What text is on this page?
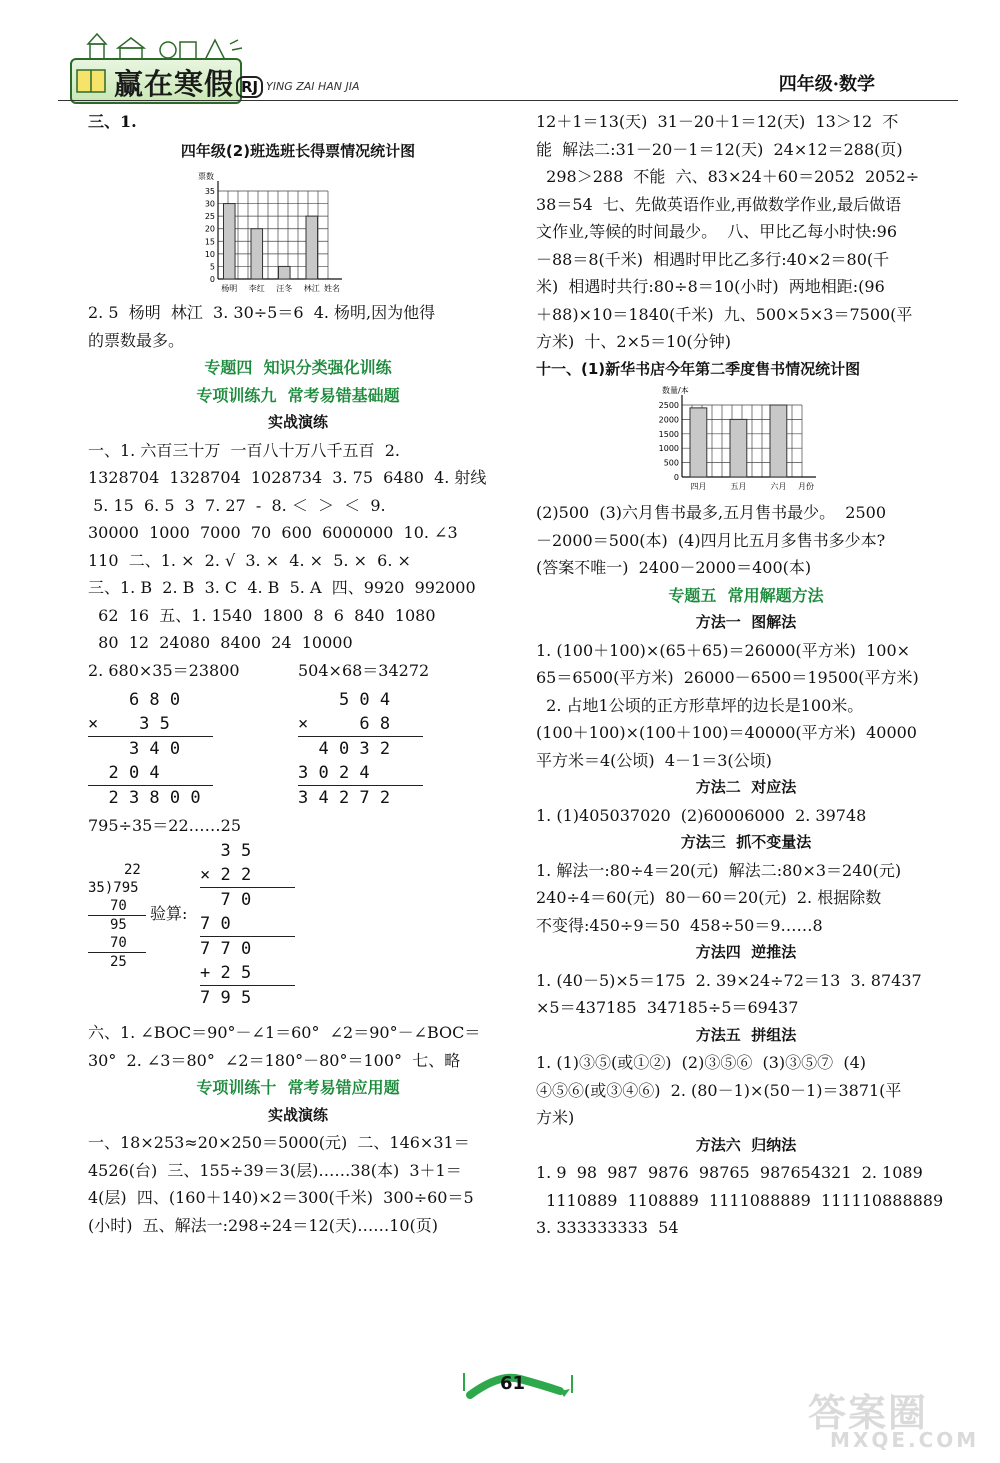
赢在寒假 RJ YING ZAI HAN JIA	四年级·数学
三、1.
四年级(2)班选班长得票情况统计图
35
30
25
20
15
10
5
0
票数
杨明 李红 汪冬 林江 姓名
2. 5  杨明  林江  3. 30÷5＝6  4. 杨明,因为他得
的票数最多。
专题四  知识分类强化训练
专项训练九  常考易错基础题
实战演练
一、1. 六百三十万  一百八十万八千五百  2.
1328704  1328704  1028734  3. 75  6480  4. 射线
5. 15  6. 5  3  7. 27  -  8. ＜  ＞  ＜  9.
30000  1000  7000  70  600  6000000  10. ∠3
110  二、1. ×  2. √  3. ×  4. ×  5. ×  6. ×
三、1. B  2. B  3. C  4. B  5. A  四、9920  992000
62  16  五、1. 1540  1800  8  6  840  1080
80  12  24080  8400  24  10000
2. 680×35＝23800	504×68＝34272
6 8 0
×    3 5
3 4 0
2 0 4
2 3 8 0 0
5 0 4
×     6 8
4 0 3 2
3 0 2 4
3 4 2 7 2
795÷35＝22……25
22
35)795
70
95
70
25
验算:
3 5
× 2 2
7 0
7 0
7 7 0
+ 2 5
7 9 5
六、1. ∠BOC＝90°－∠1＝60°  ∠2＝90°－∠BOC＝
30°  2. ∠3＝80°  ∠2＝180°－80°＝100°  七、略
专项训练十  常考易错应用题
实战演练
一、18×253≈20×250＝5000(元)  二、146×31＝
4526(台)  三、155÷39＝3(层)……38(本)  3＋1＝
4(层)  四、(160＋140)×2＝300(千米)  300÷60＝5
(小时)  五、解法一:298÷24＝12(天)……10(页)
12＋1＝13(天)  31－20＋1＝12(天)  13＞12  不
能  解法二:31－20－1＝12(天)  24×12＝288(页)
298＞288  不能  六、83×24＋60＝2052  2052÷
38＝54  七、先做英语作业,再做数学作业,最后做语
文作业,等候的时间最少。  八、甲比乙每小时快:96
－88＝8(千米)  相遇时甲比乙多行:40×2＝80(千
米)  相遇时共行:80÷8＝10(小时)  两地相距:(96
＋88)×10＝1840(千米)  九、500×5×3＝7500(平
方米)  十、2×5＝10(分钟)
十一、(1)新华书店今年第二季度售书情况统计图
2500
2000
1500
1000
500
0
数量/本
四月	五月	六月 月份
(2)500  (3)六月售书最多,五月售书最少。  2500
－2000＝500(本)  (4)四月比五月多售书多少本?
(答案不唯一)  2400－2000＝400(本)
专题五  常用解题方法
方法一  图解法
1. (100＋100)×(65＋65)＝26000(平方米)  100×
65＝6500(平方米)  26000－6500＝19500(平方米)
2. 占地1公顷的正方形草坪的边长是100米。
(100＋100)×(100＋100)＝40000(平方米)  40000
平方米＝4(公顷)  4－1＝3(公顷)
方法二  对应法
1. (1)405037020  (2)60006000  2. 39748
方法三  抓不变量法
1. 解法一:80÷4＝20(元)  解法二:80×3＝240(元)
240÷4＝60(元)  80－60＝20(元)  2. 根据除数
不变得:450÷9＝50  458÷50＝9……8
方法四  逆推法
1. (40－5)×5＝175  2. 39×24÷72＝13  3. 87437
×5＝437185  347185÷5＝69437
方法五  拼组法
1. (1)③⑤(或①②)  (2)③⑤⑥  (3)③⑤⑦  (4)
④⑤⑥(或③④⑥)  2. (80－1)×(50－1)＝3871(平
方米)
方法六  归纳法
1. 9  98  987  9876  98765  987654321  2. 1089
1110889  1108889  1111088889  111110888889
3. 333333333  54
61
答案圈
MXQE.COM
